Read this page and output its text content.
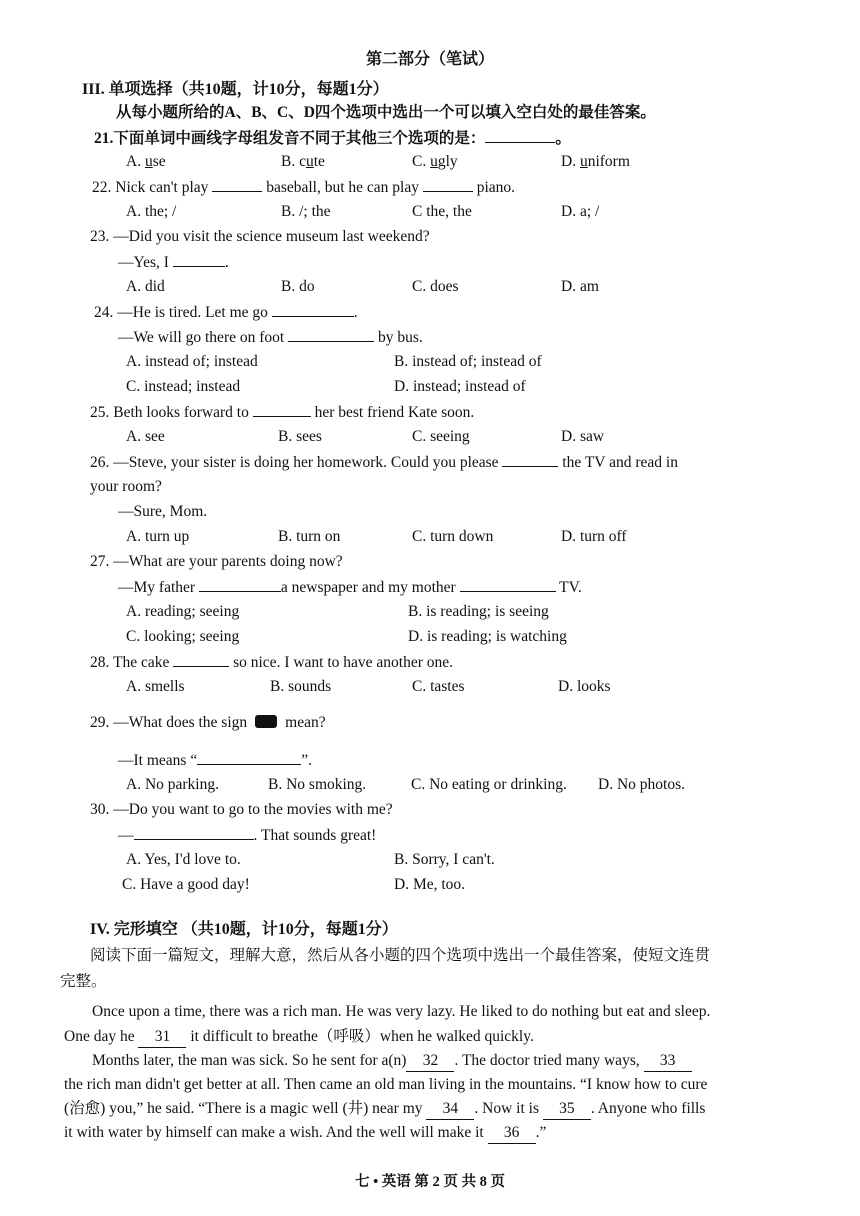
第二部分（笔试）
III. 单项选择（共10题，计10分，每题1分）
从每小题所给的A、B、C、D四个选项中选出一个可以填入空白处的最佳答案。
21.下面单词中画线字母组发音不同于其他三个选项的是：	。
A. use	B. cute	C. ugly	D. uniform
22. Nick can't play	baseball, but he can play	piano.
A. the; /	B. /; the	C the, the	D. a; /
23. —Did you visit the science museum last weekend?
—Yes, I	.
A. did	B. do	C. does	D. am
24. —He is tired. Let me go	.
—We will go there on foot	by bus.
A. instead of; instead	B. instead of; instead of
C. instead; instead	D. instead; instead of
25. Beth looks forward to	her best friend Kate soon.
A. see	B. sees	C. seeing	D. saw
26. —Steve, your sister is doing her homework. Could you please	the TV and read in
your room?
—Sure, Mom.
A. turn up	B. turn on	C. turn down	D. turn off
27. —What are your parents doing now?
—My father	a newspaper and my mother	TV.
A. reading; seeing	B. is reading; is seeing
C. looking; seeing	D. is reading; is watching
28. The cake	so nice. I want to have another one.
A. smells	B. sounds	C. tastes	D. looks
29. —What does the sign mean?
—It means “	”.
A. No parking.	B. No smoking.	C. No eating or drinking. D. No photos.
30. —Do you want to go to the movies with me?
—	. That sounds great!
A. Yes, I'd love to.	B. Sorry, I can't.
C. Have a good day!	D. Me, too.
IV. 完形填空 （共10题，计10分，每题1分）
阅读下面一篇短文，理解大意，然后从各小题的四个选项中选出一个最佳答案，使短文连贯
完整。
Once upon a time, there was a rich man. He was very lazy. He liked to do nothing but eat and sleep.
One day he 31 it difficult to breathe（呼吸）when he walked quickly.
Months later, the man was sick. So he sent for a(n) 32 . The doctor tried many ways, 33
the rich man didn't get better at all. Then came an old man living in the mountains. “I know how to cure
(治愈) you,” he said. “There is a magic well (井) near my 34 . Now it is 35 . Anyone who fills
it with water by himself can make a wish. And the well will make it 36 .”
七 • 英语 第 2 页 共 8 页
